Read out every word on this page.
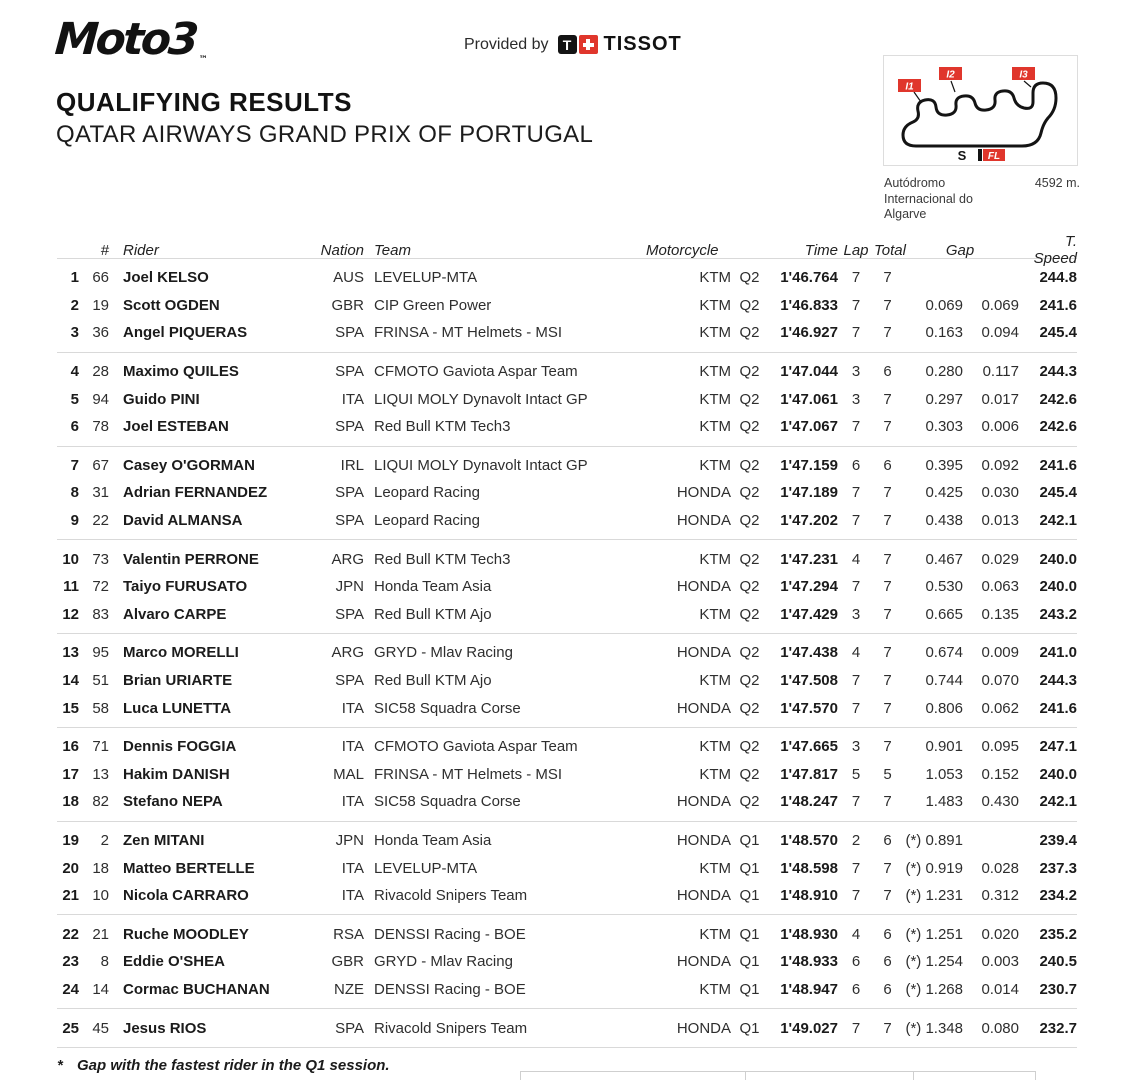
Moto3™
Provided by	T TISSOT
QUALIFYING RESULTS
QATAR AIRWAYS GRAND PRIX OF PORTUGAL
I1
I2	I3
S FL
Autódromo Internacional do Algarve
4592 m.
# Rider	Nation Team	Motorcycle	Time Lap Total	Gap	T. Speed
1 66 Joel KELSO	AUS LEVELUP-MTA	KTM Q2	1'46.764 7	7	244.8
2 19 Scott OGDEN	GBR CIP Green Power	KTM Q2	1'46.833 7	7	0.069	0.069	241.6
3 36 Angel PIQUERAS	SPA FRINSA - MT Helmets - MSI	KTM Q2	1'46.927 7	7	0.163	0.094	245.4
4 28 Maximo QUILES	SPA CFMOTO Gaviota Aspar Team	KTM Q2	1'47.044 3	6	0.280	0.117	244.3
5 94 Guido PINI	ITA LIQUI MOLY Dynavolt Intact GP	KTM Q2	1'47.061 3	7	0.297	0.017	242.6
6 78 Joel ESTEBAN	SPA Red Bull KTM Tech3	KTM Q2	1'47.067 7	7	0.303	0.006	242.6
7 67 Casey O'GORMAN	IRL LIQUI MOLY Dynavolt Intact GP	KTM Q2	1'47.159 6	6	0.395	0.092	241.6
8 31 Adrian FERNANDEZ	SPA Leopard Racing	HONDA Q2	1'47.189 7	7	0.425	0.030	245.4
9 22 David ALMANSA	SPA Leopard Racing	HONDA Q2	1'47.202 7	7	0.438	0.013	242.1
10 73 Valentin PERRONE	ARG Red Bull KTM Tech3	KTM Q2	1'47.231 4	7	0.467	0.029	240.0
11 72 Taiyo FURUSATO	JPN Honda Team Asia	HONDA Q2	1'47.294 7	7	0.530	0.063	240.0
12 83 Alvaro CARPE	SPA Red Bull KTM Ajo	KTM Q2	1'47.429 3	7	0.665	0.135	243.2
13 95 Marco MORELLI	ARG GRYD - Mlav Racing	HONDA Q2	1'47.438 4	7	0.674	0.009	241.0
14 51 Brian URIARTE	SPA Red Bull KTM Ajo	KTM Q2	1'47.508 7	7	0.744	0.070	244.3
15 58 Luca LUNETTA	ITA SIC58 Squadra Corse	HONDA Q2	1'47.570 7	7	0.806	0.062	241.6
16 71 Dennis FOGGIA	ITA CFMOTO Gaviota Aspar Team	KTM Q2	1'47.665 3	7	0.901	0.095	247.1
17 13 Hakim DANISH	MAL FRINSA - MT Helmets - MSI	KTM Q2	1'47.817 5	5	1.053	0.152	240.0
18 82 Stefano NEPA	ITA SIC58 Squadra Corse	HONDA Q2	1'48.247 7	7	1.483	0.430	242.1
19	2 Zen MITANI	JPN Honda Team Asia	HONDA Q1	1'48.570 2	6 (*) 0.891	239.4
20 18 Matteo BERTELLE	ITA LEVELUP-MTA	KTM Q1	1'48.598 7	7 (*) 0.919	0.028	237.3
21 10 Nicola CARRARO	ITA Rivacold Snipers Team	HONDA Q1	1'48.910 7	7 (*) 1.231	0.312	234.2
22 21 Ruche MOODLEY	RSA DENSSI Racing - BOE	KTM Q1	1'48.930 4	6 (*) 1.251	0.020	235.2
23	8 Eddie O'SHEA	GBR GRYD - Mlav Racing	HONDA Q1	1'48.933 6	6 (*) 1.254	0.003	240.5
24 14 Cormac BUCHANAN	NZE DENSSI Racing - BOE	KTM Q1	1'48.947 6	6 (*) 1.268	0.014	230.7
25 45 Jesus RIOS	SPA Rivacold Snipers Team	HONDA Q1	1'49.027 7	7 (*) 1.348	0.080	232.7
* Gap with the fastest rider in the Q1 session.
